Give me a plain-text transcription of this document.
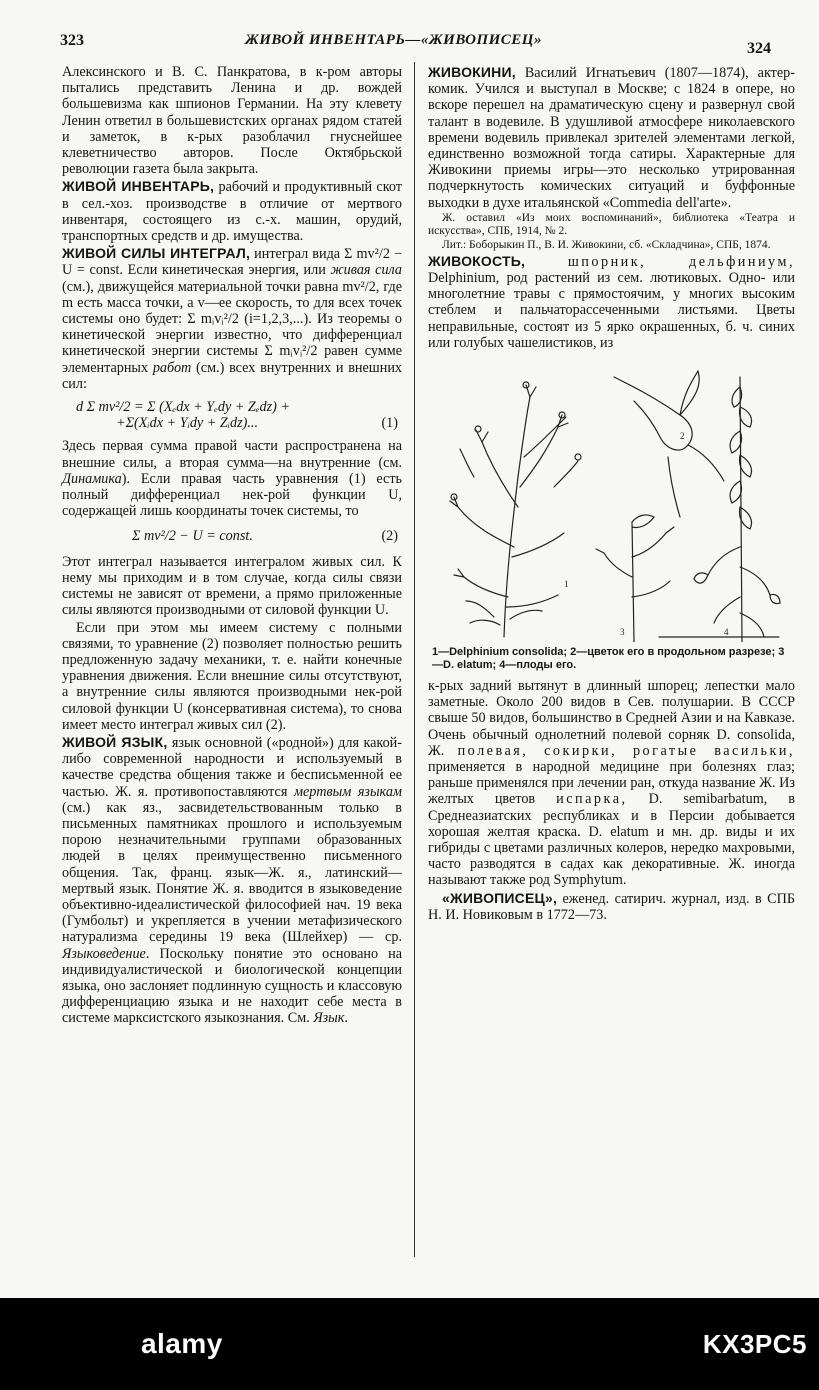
323	ЖИВОЙ ИНВЕНТАРЬ—«ЖИВОПИСЕЦ»	324

Алексинского и В. С. Панкратова, в к-ром авторы пытались представить Ленина и др. вождей большевизма как шпионов Германии. На эту клевету Ленин ответил в большевистских органах рядом статей и заметок, в к-рых разоблачил гнуснейшее клеветничество авторов. После Октябрьской революции газета была закрыта.

ЖИВОЙ ИНВЕНТАРЬ, рабочий и продуктивный скот в сел.-хоз. производстве в отличие от мертвого инвентаря, состоящего из с.-х. машин, орудий, транспортных средств и др. имущества.

ЖИВОЙ СИЛЫ ИНТЕГРАЛ, интеграл вида Σ mv²/2 − U = const. Если кинетическая энергия, или живая сила (см.), движущейся материальной точки равна mv²/2, где m есть масса точки, а v—ее скорость, то для всех точек системы оно будет: Σ mᵢvᵢ²/2 (i=1,2,3,...). Из теоремы о кинетической энергии известно, что дифференциал кинетической энергии системы Σ mᵢvᵢ²/2 равен сумме элементарных работ (см.) всех внутренних и внешних сил:

d Σ mv²/2 = Σ (Xₑdx + Yₑdy + Zₑdz) +
+Σ(Xᵢdx + Yᵢdy + Zᵢdz)...	(1)

Здесь первая сумма правой части распространена на внешние силы, а вторая сумма—на внутренние (см. Динамика). Если правая часть уравнения (1) есть полный дифференциал нек-рой функции U, содержащей лишь координаты точек системы, то

Σ mv²/2 − U = const.	(2)

Этот интеграл называется интегралом живых сил. К нему мы приходим и в том случае, когда силы связи системы не зависят от времени, а прямо приложенные силы являются производными от силовой функции U.

Если при этом мы имеем систему с полными связями, то уравнение (2) позволяет полностью решить предложенную задачу механики, т. е. найти конечные уравнения движения. Если внешние силы отсутствуют, а внутренние силы являются производными нек-рой силовой функции U (консервативная система), то снова имеет место интеграл живых сил (2).

ЖИВОЙ ЯЗЫК, язык основной («родной») для какой-либо современной народности и используемый в качестве средства общения также и бесписьменной ее частью. Ж. я. противопоставляются мертвым языкам (см.) как яз., засвидетельствованным только в письменных памятниках прошлого и используемым порою незначительными группами образованных людей в целях преимущественно письменного общения. Так, франц. язык—Ж. я., латинский—мертвый язык. Понятие Ж. я. вводится в языковедение объективно-идеалистической философией нач. 19 века (Гумбольт) и укрепляется в учении метафизического натурализма середины 19 века (Шлейхер) — ср. Языковедение. Поскольку понятие это основано на индивидуалистической и биологической концепции языка, оно заслоняет подлинную сущность и классовую дифференциацию языка и не находит себе места в системе марксистского языкознания. См. Язык.

ЖИВОКИНИ, Василий Игнатьевич (1807—1874), актер-комик. Учился и выступал в Москве; с 1824 в опере, но вскоре перешел на драматическую сцену и развернул свой талант в водевиле. В удушливой атмосфере николаевского времени водевиль привлекал зрителей элементами легкой, единственно возможной тогда сатиры. Характерные для Живокини приемы игры—это несколько утрированная подчеркнутость комических ситуаций и буффонные выходки в духе итальянской «Commedia dell'arte».

Ж. оставил «Из моих воспоминаний», библиотека «Театра и искусства», СПБ, 1914, № 2.

Лит.: Боборыкин П., В. И. Живокини, сб. «Складчина», СПБ, 1874.

ЖИВОКОСТЬ, шпорник, дельфиниум, Delphinium, род растений из сем. лютиковых. Одно- или многолетние травы с прямостоячим, у многих высоким стеблем и пальчаторассеченными листьями. Цветы неправильные, состоят из 5 ярко окрашенных, б. ч. синих или голубых чашелистиков, из

1
2
3	4
1—Delphinium consolida; 2—цветок его в продольном разрезе; 3—D. elatum; 4—плоды его.

к-рых задний вытянут в длинный шпорец; лепестки мало заметные. Около 200 видов в Сев. полушарии. В СССР свыше 50 видов, большинство в Средней Азии и на Кавказе. Очень обычный однолетний полевой сорняк D. consolida, Ж. полевая, сокирки, рогатые васильки, применяется в народной медицине при болезнях глаз; раньше применялся при лечении ран, откуда название Ж. Из желтых цветов испарка, D. semibarbatum, в Среднеазиатских республиках и в Персии добывается хорошая желтая краска. D. elatum и мн. др. виды и их гибриды с цветами различных колеров, нередко махровыми, часто разводятся в садах как декоративные. Ж. иногда называют также род Symphytum.

«ЖИВОПИСЕЦ», еженед. сатирич. журнал, изд. в СПБ Н. И. Новиковым в 1772—73.

alamy	KX3PC5
